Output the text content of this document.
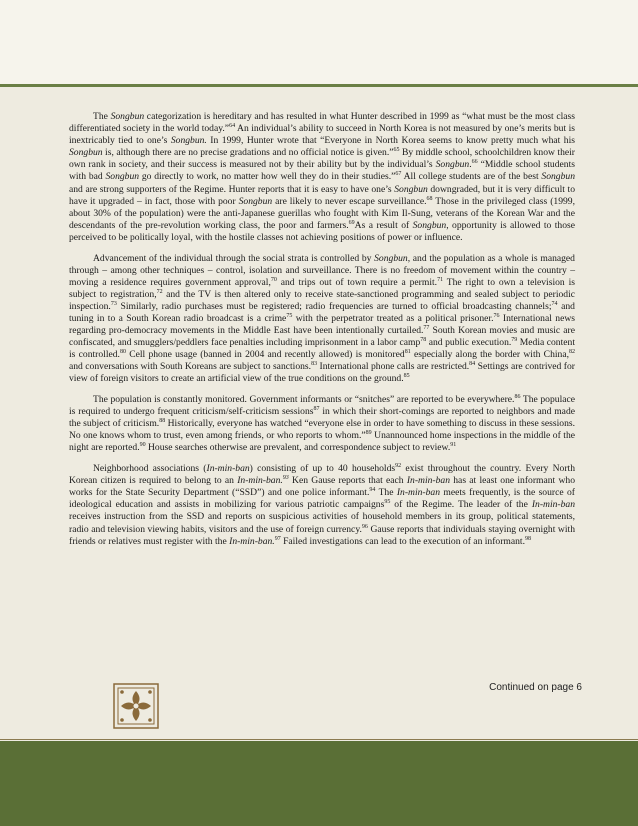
The Songbun categorization is hereditary and has resulted in what Hunter described in 1999 as “what must be the most class differentiated society in the world today.”$^{64}$ An individual’s ability to succeed in North Korea is not measured by one’s merits but is inextricably tied to one’s Songbun. In 1999, Hunter wrote that “Everyone in North Korea seems to know pretty much what his Songbun is, although there are no precise gradations and no official notice is given.”$^{65}$ By middle school, schoolchildren know their own rank in society, and their success is measured not by their ability but by the individual’s Songbun.$^{66}$ “Middle school students with bad Songbun go directly to work, no matter how well they do in their studies.”$^{67}$ All college students are of the best Songbun and are strong supporters of the Regime. Hunter reports that it is easy to have one’s Songbun downgraded, but it is very difficult to have it upgraded – in fact, those with poor Songbun are likely to never escape surveillance.$^{68}$ Those in the privileged class (1999, about 30% of the population) were the anti-Japanese guerillas who fought with Kim Il-Sung, veterans of the Korean War and the descendants of the pre-revolution working class, the poor and farmers.$^{69}$As a result of Songbun, opportunity is allowed to those perceived to be politically loyal, with the hostile classes not achieving positions of power or influence.

Advancement of the individual through the social strata is controlled by Songbun, and the population as a whole is managed through – among other techniques – control, isolation and surveillance. There is no freedom of movement within the country – moving a residence requires government approval,$^{70}$ and trips out of town require a permit.$^{71}$ The right to own a television is subject to registration,$^{72}$ and the TV is then altered only to receive state-sanctioned programming and sealed subject to periodic inspection.$^{73}$ Similarly, radio purchases must be registered; radio frequencies are turned to official broadcasting channels;$^{74}$ and tuning in to a South Korean radio broadcast is a crime$^{75}$ with the perpetrator treated as a political prisoner.$^{76}$ International news regarding pro-democracy movements in the Middle East have been intentionally curtailed.$^{77}$ South Korean movies and music are confiscated, and smugglers/peddlers face penalties including imprisonment in a labor camp$^{78}$ and public execution.$^{79}$ Media content is controlled.$^{80}$ Cell phone usage (banned in 2004 and recently allowed) is monitored$^{81}$ especially along the border with China,$^{82}$ and conversations with South Koreans are subject to sanctions.$^{83}$ International phone calls are restricted.$^{84}$ Settings are contrived for view of foreign visitors to create an artificial view of the true conditions on the ground.$^{85}$

The population is constantly monitored. Government informants or “snitches” are reported to be everywhere.$^{86}$ The populace is required to undergo frequent criticism/self-criticism sessions$^{87}$ in which their short-comings are reported to neighbors and made the subject of criticism.$^{88}$ Historically, everyone has watched “everyone else in order to have something to discuss in these sessions. No one knows whom to trust, even among friends, or who reports to whom.”$^{89}$ Unannounced home inspections in the middle of the night are reported.$^{90}$ House searches otherwise are prevalent, and correspondence subject to review.$^{91}$

Neighborhood associations (In-min-ban) consisting of up to 40 households$^{92}$ exist throughout the country. Every North Korean citizen is required to belong to an In-min-ban.$^{93}$ Ken Gause reports that each In-min-ban has at least one informant who works for the State Security Department (“SSD”) and one police informant.$^{94}$ The In-min-ban meets frequently, is the source of ideological education and assists in mobilizing for various patriotic campaigns$^{95}$ of the Regime. The leader of the In-min-ban receives instruction from the SSD and reports on suspicious activities of household members in its group, political statements, radio and television viewing habits, visitors and the use of foreign currency.$^{96}$ Gause reports that individuals staying overnight with friends or relatives must register with the In-min-ban.$^{97}$ Failed investigations can lead to the execution of an informant.$^{98}$

Continued on page 6
